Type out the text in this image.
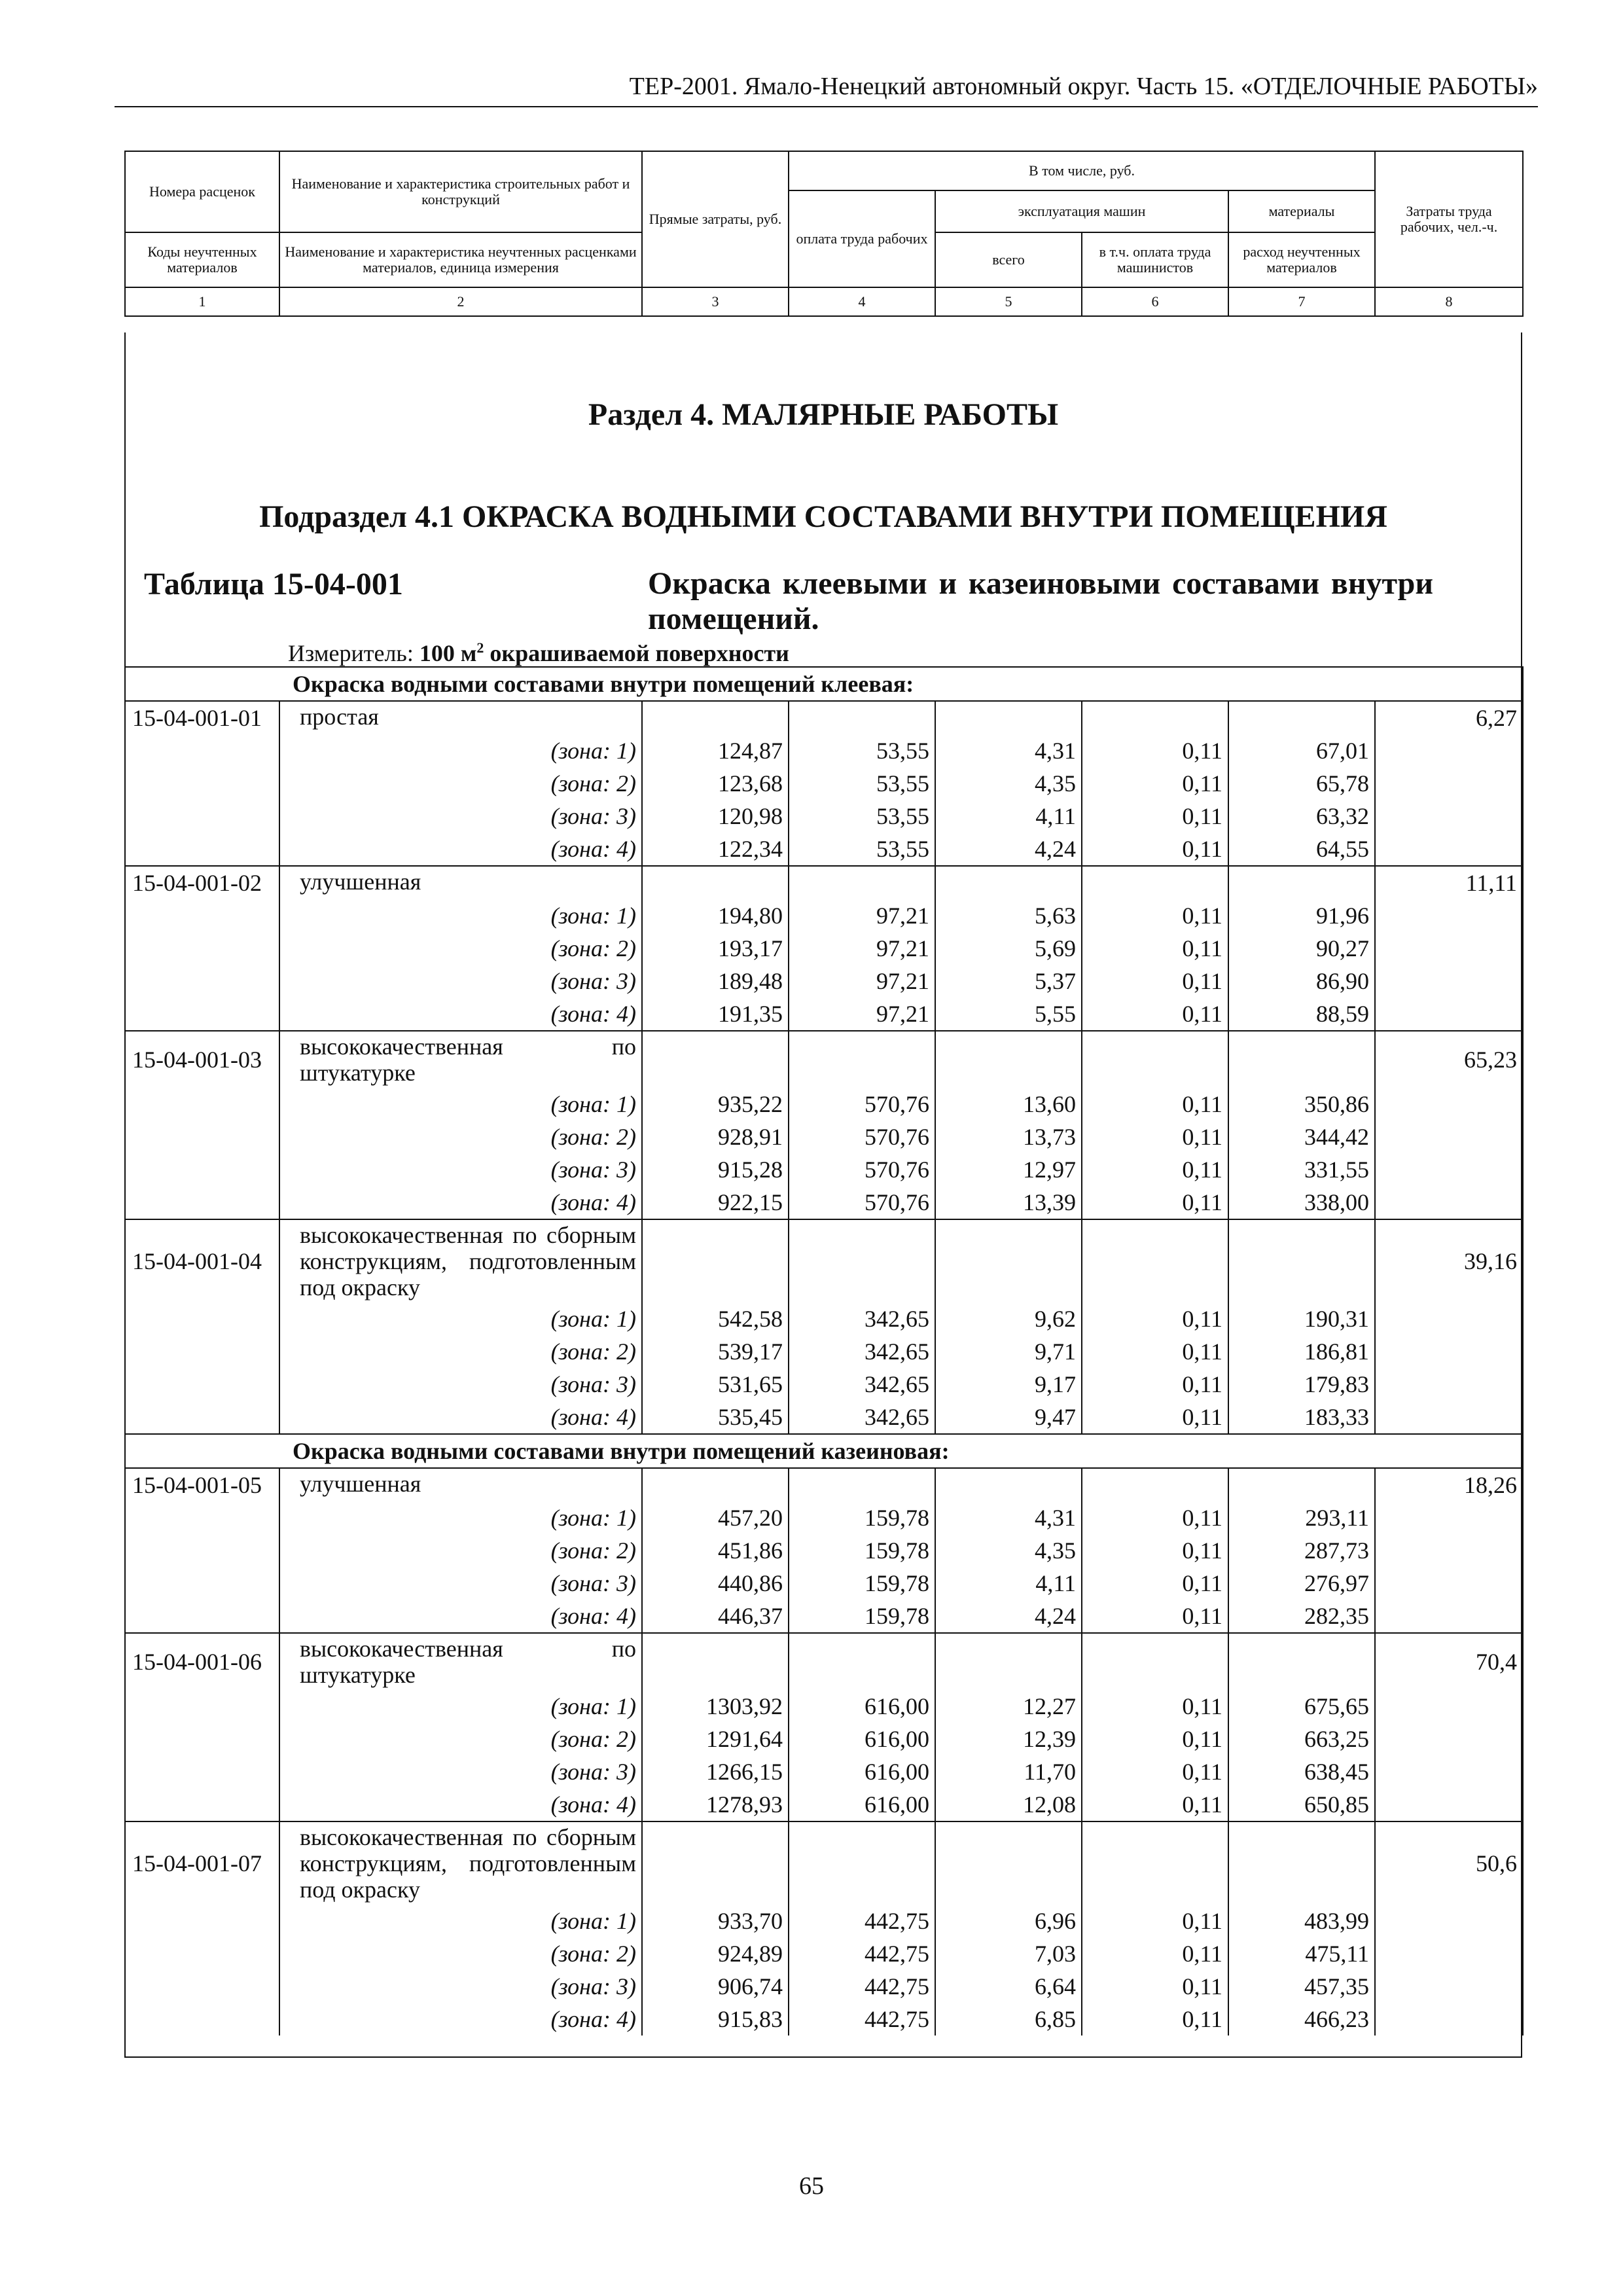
ТЕР-2001. Ямало-Ненецкий автономный округ. Часть 15. «ОТДЕЛОЧНЫЕ РАБОТЫ»
Номера расценок	Наименование и характеристика строительных работ и конструкций	Прямые затраты, руб.	В том числе, руб.				Затраты труда рабочих, чел.-ч.
			оплата труда рабочих	эксплуатация машин		материалы	
Коды неучтенных материалов	Наименование и характеристика неучтенных расценками материалов, единица измерения			всего	в т.ч. оплата труда машинистов	расход неучтенных материалов	
1	2	3	4	5	6	7	8
Раздел 4. МАЛЯРНЫЕ РАБОТЫ
Подраздел 4.1 ОКРАСКА ВОДНЫМИ СОСТАВАМИ ВНУТРИ ПОМЕЩЕНИЯ
Таблица 15-04-001	Окраска клеевыми и казеиновыми составами внутри помещений.
Измеритель: 100 $м^2$ окрашиваемой поверхности
	Окраска водными составами внутри помещений клеевая:						
15-04-001-01	простая						6,27
	(зона: 1)	124,87	53,55	4,31	0,11	67,01	
	(зона: 2)	123,68	53,55	4,35	0,11	65,78	
	(зона: 3)	120,98	53,55	4,11	0,11	63,32	
	(зона: 4)	122,34	53,55	4,24	0,11	64,55	
15-04-001-02	улучшенная						11,11
	(зона: 1)	194,80	97,21	5,63	0,11	91,96	
	(зона: 2)	193,17	97,21	5,69	0,11	90,27	
	(зона: 3)	189,48	97,21	5,37	0,11	86,90	
	(зона: 4)	191,35	97,21	5,55	0,11	88,59	
15-04-001-03	высококачественная по штукатурке						65,23
	(зона: 1)	935,22	570,76	13,60	0,11	350,86	
	(зона: 2)	928,91	570,76	13,73	0,11	344,42	
	(зона: 3)	915,28	570,76	12,97	0,11	331,55	
	(зона: 4)	922,15	570,76	13,39	0,11	338,00	
15-04-001-04	высококачественная по сборным конструкциям, подготовленным под окраску						39,16
	(зона: 1)	542,58	342,65	9,62	0,11	190,31	
	(зона: 2)	539,17	342,65	9,71	0,11	186,81	
	(зона: 3)	531,65	342,65	9,17	0,11	179,83	
	(зона: 4)	535,45	342,65	9,47	0,11	183,33	
	Окраска водными составами внутри помещений казеиновая:						
15-04-001-05	улучшенная						18,26
	(зона: 1)	457,20	159,78	4,31	0,11	293,11	
	(зона: 2)	451,86	159,78	4,35	0,11	287,73	
	(зона: 3)	440,86	159,78	4,11	0,11	276,97	
	(зона: 4)	446,37	159,78	4,24	0,11	282,35	
15-04-001-06	высококачественная по штукатурке						70,4
	(зона: 1)	1303,92	616,00	12,27	0,11	675,65	
	(зона: 2)	1291,64	616,00	12,39	0,11	663,25	
	(зона: 3)	1266,15	616,00	11,70	0,11	638,45	
	(зона: 4)	1278,93	616,00	12,08	0,11	650,85	
15-04-001-07	высококачественная по сборным конструкциям, подготовленным под окраску						50,6
	(зона: 1)	933,70	442,75	6,96	0,11	483,99	
	(зона: 2)	924,89	442,75	7,03	0,11	475,11	
	(зона: 3)	906,74	442,75	6,64	0,11	457,35	
	(зона: 4)	915,83	442,75	6,85	0,11	466,23	
65
